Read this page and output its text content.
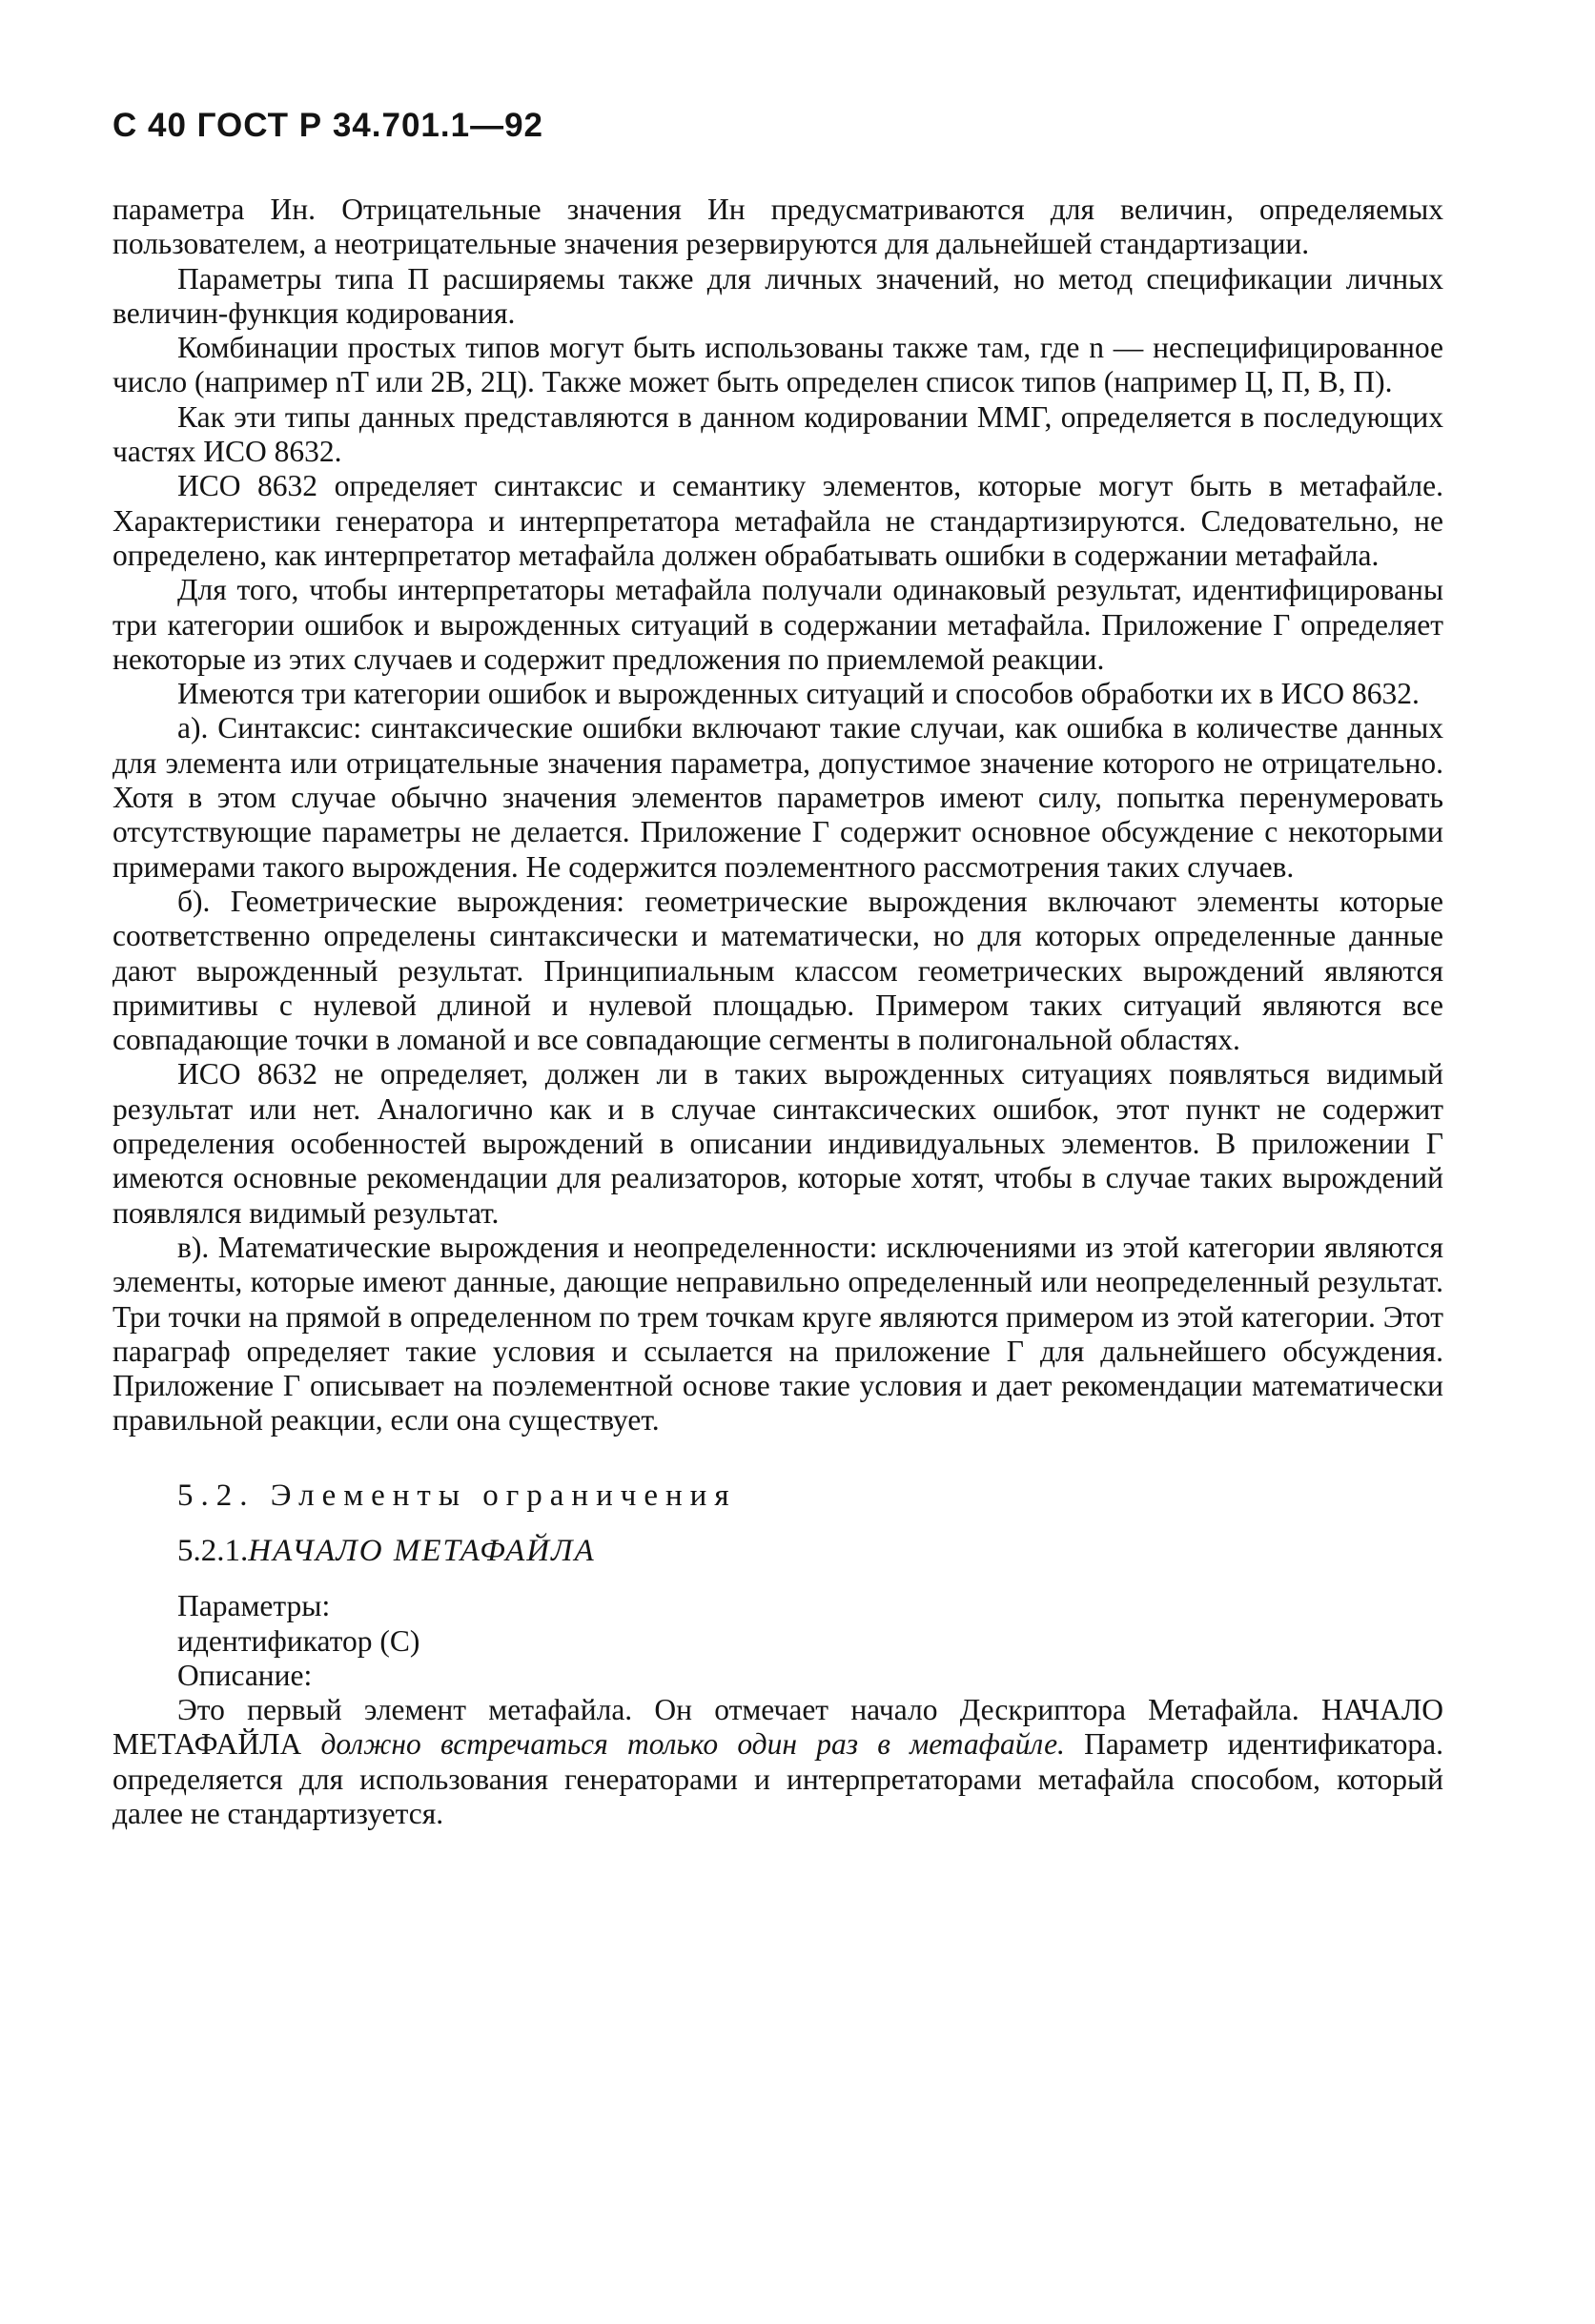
С 40 ГОСТ Р 34.701.1—92

параметра Ин. Отрицательные значения Ин предусматриваются для величин, определяемых пользователем, а неотрицательные значения резервируются для дальнейшей стандартизации.

Параметры типа П расширяемы также для личных значений, но метод спецификации личных величин-функция кодирования.

Комбинации простых типов могут быть использованы также там, где n — неспецифицированное число (например nT или 2В, 2Ц). Также может быть определен список типов (например Ц, П, В, П).

Как эти типы данных представляются в данном кодировании ММГ, определяется в последующих частях ИСО 8632.

ИСО 8632 определяет синтаксис и семантику элементов, которые могут быть в метафайле. Характеристики генератора и интерпретатора метафайла не стандартизируются. Следовательно, не определено, как интерпретатор метафайла должен обрабатывать ошибки в содержании метафайла.

Для того, чтобы интерпретаторы метафайла получали одинаковый результат, идентифицированы три категории ошибок и вырожденных ситуаций в содержании метафайла. Приложение Г определяет некоторые из этих случаев и содержит предложения по приемлемой реакции.

Имеются три категории ошибок и вырожденных ситуаций и способов обработки их в ИСО 8632.

а). Синтаксис: синтаксические ошибки включают такие случаи, как ошибка в количестве данных для элемента или отрицательные значения параметра, допустимое значение которого не отрицательно. Хотя в этом случае обычно значения элементов параметров имеют силу, попытка перенумеровать отсутствующие параметры не делается. Приложение Г содержит основное обсуждение с некоторыми примерами такого вырождения. Не содержится поэлементного рассмотрения таких случаев.

б). Геометрические вырождения: геометрические вырождения включают элементы которые соответственно определены синтаксически и математически, но для которых определенные данные дают вырожденный результат. Принципиальным классом геометрических вырождений являются примитивы с нулевой длиной и нулевой площадью. Примером таких ситуаций являются все совпадающие точки в ломаной и все совпадающие сегменты в полигональной областях.

ИСО 8632 не определяет, должен ли в таких вырожденных ситуациях появляться видимый результат или нет. Аналогично как и в случае синтаксических ошибок, этот пункт не содержит определения особенностей вырождений в описании индивидуальных элементов. В приложении Г имеются основные рекомендации для реализаторов, которые хотят, чтобы в случае таких вырождений появлялся видимый результат.

в). Математические вырождения и неопределенности: исключениями из этой категории являются элементы, которые имеют данные, дающие неправильно определенный или неопределенный результат. Три точки на прямой в определенном по трем точкам круге являются примером из этой категории. Этот параграф определяет такие условия и ссылается на приложение Г для дальнейшего обсуждения. Приложение Г описывает на поэлементной основе такие условия и дает рекомендации математически правильной реакции, если она существует.

5.2. Элементы ограничения
5.2.1.НАЧАЛО МЕТАФАЙЛА
Параметры:
идентификатор (С)
Описание:

Это первый элемент метафайла. Он отмечает начало Дескриптора Метафайла. НАЧАЛО МЕТАФАЙЛА должно встречаться только один раз в метафайле. Параметр идентификатора. определяется для использования генераторами и интерпретаторами метафайла способом, который далее не стандартизуется.
